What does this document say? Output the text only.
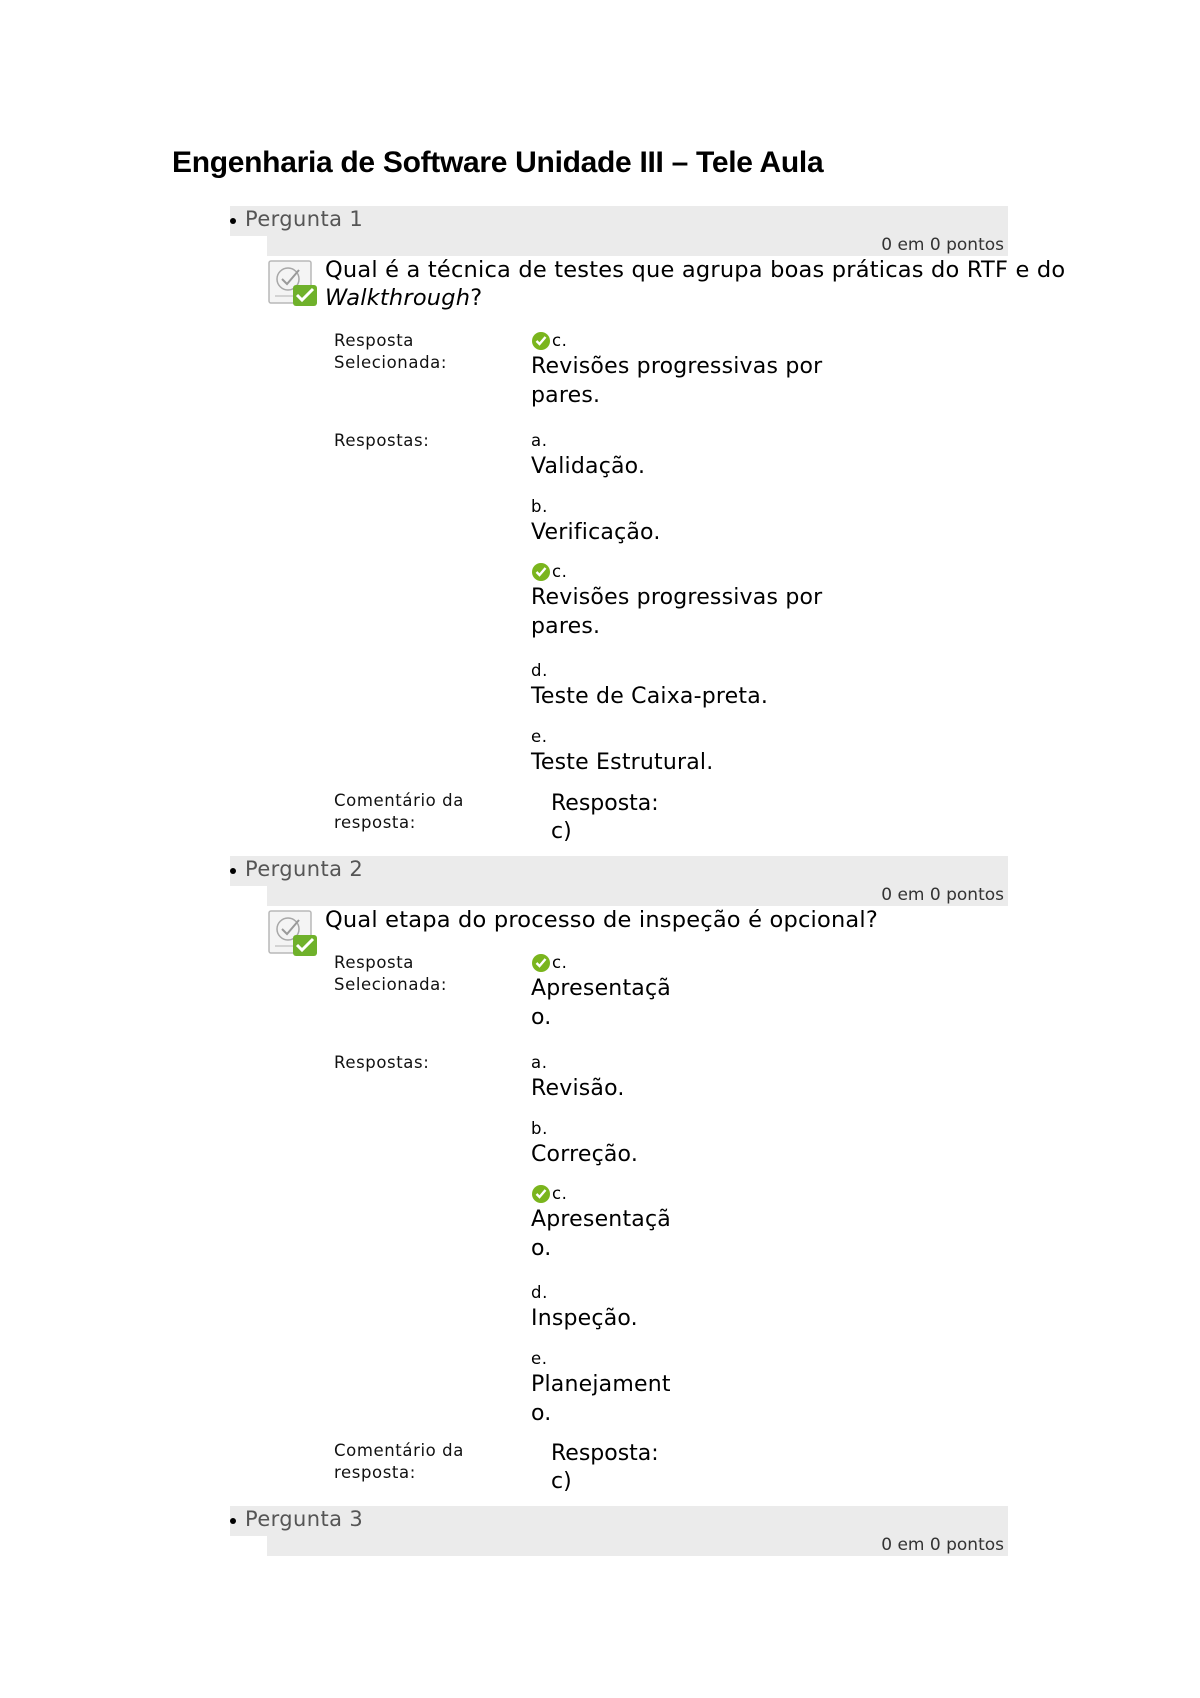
Engenharia de Software Unidade III – Tele Aula
Pergunta 1
0 em 0 pontos
Qual é a técnica de testes que agrupa boas práticas do RTF e do Walkthrough?
Resposta Selecionada:
c.
Revisões progressivas por pares.
Respostas:	a.
Validação.
b.
Verificação.
c.
Revisões progressivas por pares.
d.
Teste de Caixa-preta.
e.
Teste Estrutural.
Comentário da resposta:
Resposta:
c)
Pergunta 2
0 em 0 pontos
Qual etapa do processo de inspeção é opcional?
Resposta Selecionada:
c.
Apresentação.
Respostas:	a.
Revisão.
b.
Correção.
c.
Apresentação.
d.
Inspeção.
e.
Planejamento.
Comentário da resposta:
Resposta:
c)
Pergunta 3
0 em 0 pontos
